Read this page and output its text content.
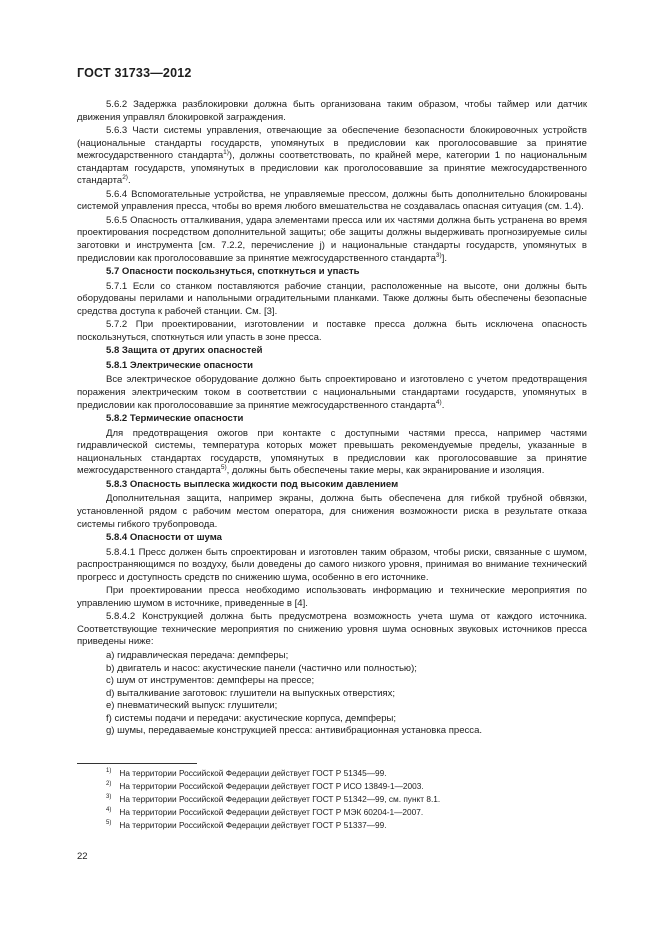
ГОСТ 31733—2012

5.6.2 Задержка разблокировки должна быть организована таким образом, чтобы таймер или датчик движения управлял блокировкой заграждения.

5.6.3 Части системы управления, отвечающие за обеспечение безопасности блокировочных устройств (национальные стандарты государств, упомянутых в предисловии как проголосовавшие за принятие межгосударственного стандарта$^{1)}$), должны соответствовать, по крайней мере, категории 1 по национальным стандартам государств, упомянутых в предисловии как проголосовавшие за принятие межгосударственного стандарта$^{2)}$.

5.6.4 Вспомогательные устройства, не управляемые прессом, должны быть дополнительно блокированы системой управления пресса, чтобы во время любого вмешательства не создавалась опасная ситуация (см. 1.4).

5.6.5 Опасность отталкивания, удара элементами пресса или их частями должна быть устранена во время проектирования посредством дополнительной защиты; обе защиты должны выдерживать прогнозируемые силы заготовки и инструмента [см. 7.2.2, перечисление j) и национальные стандарты государств, упомянутых в предисловии как проголосовавшие за принятие межгосударственного стандарта$^{3)}$].

5.7 Опасности поскользнуться, споткнуться и упасть

5.7.1 Если со станком поставляются рабочие станции, расположенные на высоте, они должны быть оборудованы перилами и напольными оградительными планками. Также должны быть обеспечены безопасные средства доступа к рабочей станции. См. [3].

5.7.2 При проектировании, изготовлении и поставке пресса должна быть исключена опасность поскользнуться, споткнуться или упасть в зоне пресса.

5.8 Защита от других опасностей

5.8.1 Электрические опасности

Все электрическое оборудование должно быть спроектировано и изготовлено с учетом предотвращения поражения электрическим током в соответствии с национальными стандартами государств, упомянутых в предисловии как проголосовавшие за принятие межгосударственного стандарта$^{4)}$.

5.8.2 Термические опасности

Для предотвращения ожогов при контакте с доступными частями пресса, например частями гидравлической системы, температура которых может превышать рекомендуемые пределы, указанные в национальных стандартах государств, упомянутых в предисловии как проголосовавшие за принятие межгосударственного стандарта$^{5)}$, должны быть обеспечены такие меры, как экранирование и изоляция.

5.8.3 Опасность выплеска жидкости под высоким давлением

Дополнительная защита, например экраны, должна быть обеспечена для гибкой трубной обвязки, установленной рядом с рабочим местом оператора, для снижения возможности риска в результате отказа системы гибкого трубопровода.

5.8.4 Опасности от шума

5.8.4.1 Пресс должен быть спроектирован и изготовлен таким образом, чтобы риски, связанные с шумом, распространяющимся по воздуху, были доведены до самого низкого уровня, принимая во внимание технический прогресс и доступность средств по снижению шума, особенно в его источнике.

При проектировании пресса необходимо использовать информацию и технические мероприятия по управлению шумом в источнике, приведенные в [4].

5.8.4.2 Конструкцией должна быть предусмотрена возможность учета шума от каждого источника. Соответствующие технические мероприятия по снижению уровня шума основных звуковых источников пресса приведены ниже:

a) гидравлическая передача: демпферы;

b) двигатель и насос: акустические панели (частично или полностью);

c) шум от инструментов: демпферы на прессе;

d) выталкивание заготовок: глушители на выпускных отверстиях;

e) пневматический выпуск: глушители;

f) системы подачи и передачи: акустические корпуса, демпферы;

g) шумы, передаваемые конструкцией пресса: антивибрационная установка пресса.

$^{1)}$ На территории Российской Федерации действует ГОСТ Р 51345—99.

$^{2)}$ На территории Российской Федерации действует ГОСТ Р ИСО 13849-1—2003.

$^{3)}$ На территории Российской Федерации действует ГОСТ Р 51342—99, см. пункт 8.1.

$^{4)}$ На территории Российской Федерации действует ГОСТ Р МЭК 60204-1—2007.

$^{5)}$ На территории Российской Федерации действует ГОСТ Р 51337—99.

22
